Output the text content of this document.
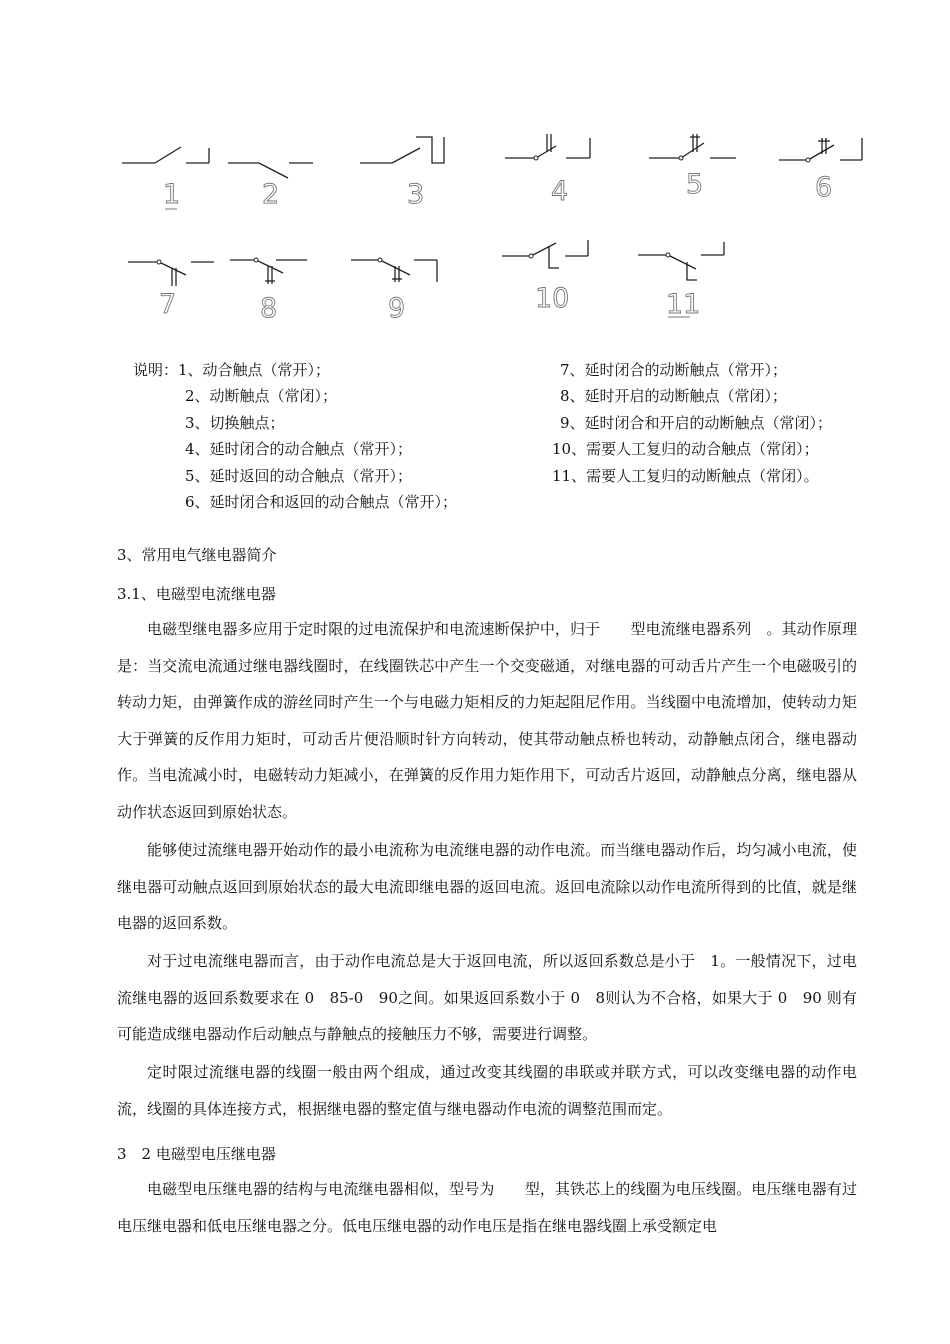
1	2	3	4	5	6
7	8	9	10	11
说明：1、动合触点（常开）；
2、动断触点（常闭）；
3、切换触点；
4、延时闭合的动合触点（常开）；
5、延时返回的动合触点（常开）；
6、延时闭合和返回的动合触点（常开）；
7、延时闭合的动断触点（常开）；
8、延时开启的动断触点（常闭）；
9、延时闭合和开启的动断触点（常闭）；
10、需要人工复归的动合触点（常闭）；
11、需要人工复归的动断触点（常闭）。
3、常用电气继电器简介
3.1、电磁型电流继电器
电磁型继电器多应用于定时限的过电流保护和电流速断保护中，归于　　型电流继电器系列　。其动作原理是：当交流电流通过继电器线圈时，在线圈铁芯中产生一个交变磁通，对继电器的可动舌片产生一个电磁吸引的转动力矩，由弹簧作成的游丝同时产生一个与电磁力矩相反的力矩起阻尼作用。当线圈中电流增加，使转动力矩大于弹簧的反作用力矩时，可动舌片便沿顺时针方向转动，使其带动触点桥也转动，动静触点闭合，继电器动作。当电流减小时，电磁转动力矩减小，在弹簧的反作用力矩作用下，可动舌片返回，动静触点分离，继电器从动作状态返回到原始状态。
能够使过流继电器开始动作的最小电流称为电流继电器的动作电流。而当继电器动作后，均匀减小电流，使继电器可动触点返回到原始状态的最大电流即继电器的返回电流。返回电流除以动作电流所得到的比值，就是继电器的返回系数。
对于过电流继电器而言，由于动作电流总是大于返回电流，所以返回系数总是小于　1。一般情况下，过电流继电器的返回系数要求在 0　85-0　90之间。如果返回系数小于 0　8则认为不合格，如果大于 0　90 则有可能造成继电器动作后动触点与静触点的接触压力不够，需要进行调整。
定时限过流继电器的线圈一般由两个组成，通过改变其线圈的串联或并联方式，可以改变继电器的动作电流，线圈的具体连接方式，根据继电器的整定值与继电器动作电流的调整范围而定。
3　2 电磁型电压继电器
电磁型电压继电器的结构与电流继电器相似，型号为　　型，其铁芯上的线圈为电压线圈。电压继电器有过电压继电器和低电压继电器之分。低电压继电器的动作电压是指在继电器线圈上承受额定电
